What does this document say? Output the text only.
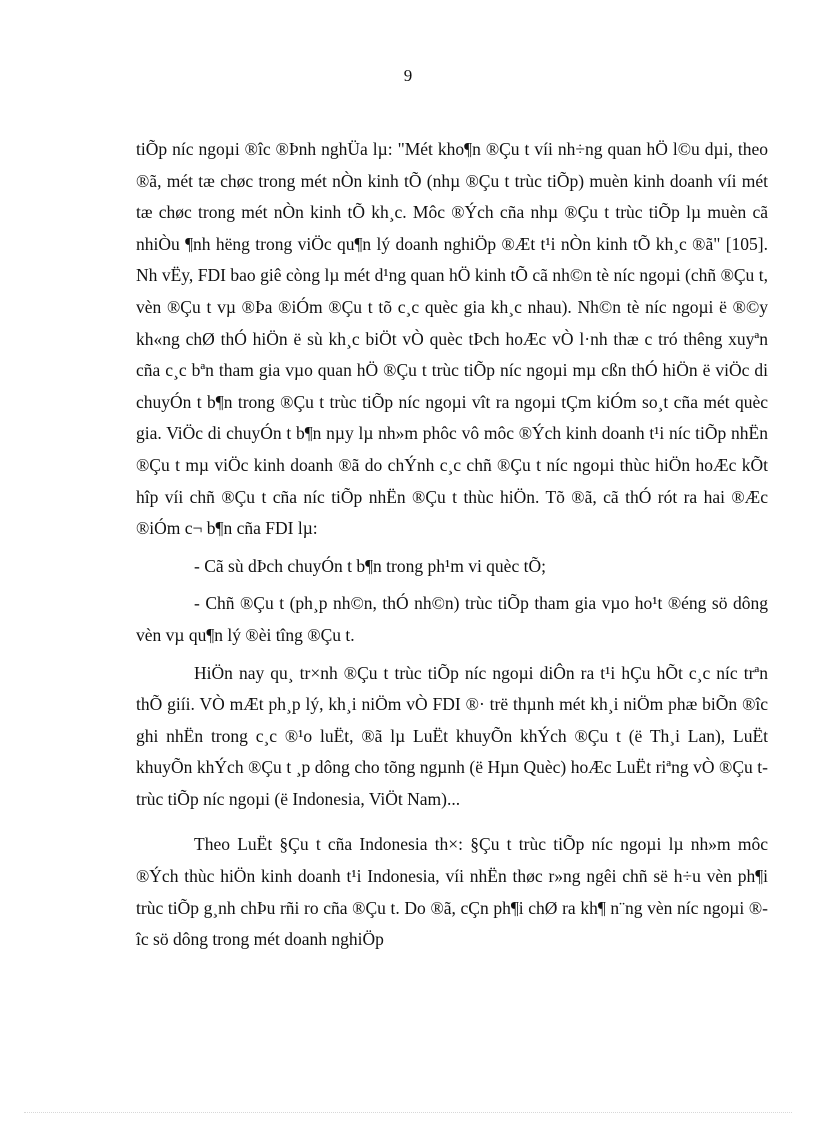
9

tiÕp níc ngoµi ®îc ®Þnh nghÜa lµ: "Mét kho¶n ®Çu t víi nh÷ng quan hÖ l©u dµi, theo ®ã, mét tæ chøc trong mét nÒn kinh tÕ (nhµ ®Çu t trùc tiÕp) muèn kinh doanh víi mét tæ chøc trong mét nÒn kinh tÕ kh¸c. Môc ®Ých cña nhµ ®Çu t trùc tiÕp lµ muèn cã nhiÒu ¶nh hëng trong viÖc qu¶n lý doanh nghiÖp ®Æt t¹i nÒn kinh tÕ kh¸c ®ã" [105]. Nh vËy, FDI bao giê còng lµ mét d¹ng quan hÖ kinh tÕ cã nh©n tè níc ngoµi (chñ ®Çu t, vèn ®Çu t vµ ®Þa ®iÓm ®Çu t tõ c¸c quèc gia kh¸c nhau). Nh©n tè níc ngoµi ë ®©y kh«ng chØ thÓ hiÖn ë sù kh¸c biÖt vÒ quèc tÞch hoÆc vÒ l·nh thæ c tró thêng xuyªn cña c¸c bªn tham gia vµo quan hÖ ®Çu t trùc tiÕp níc ngoµi mµ cßn thÓ hiÖn ë viÖc di chuyÓn t b¶n trong ®Çu t trùc tiÕp níc ngoµi vît ra ngoµi tÇm kiÓm so¸t cña mét quèc gia. ViÖc di chuyÓn t b¶n nµy lµ nh»m phôc vô môc ®Ých kinh doanh t¹i níc tiÕp nhËn ®Çu t mµ viÖc kinh doanh ®ã do chÝnh c¸c chñ ®Çu t níc ngoµi thùc hiÖn hoÆc kÕt hîp víi chñ ®Çu t cña níc tiÕp nhËn ®Çu t thùc hiÖn. Tõ ®ã, cã thÓ rót ra hai ®Æc ®iÓm c¬ b¶n cña FDI lµ:

- Cã sù dÞch chuyÓn t b¶n trong ph¹m vi quèc tÕ;

- Chñ ®Çu t (ph¸p nh©n, thÓ nh©n) trùc tiÕp tham gia vµo ho¹t ®éng sö dông vèn vµ qu¶n lý ®èi tîng ®Çu t.

HiÖn nay qu¸ tr×nh ®Çu t trùc tiÕp níc ngoµi diÔn ra t¹i hÇu hÕt c¸c níc trªn thÕ giíi. VÒ mÆt ph¸p lý, kh¸i niÖm vÒ FDI ®· trë thµnh mét kh¸i niÖm phæ biÕn ®îc ghi nhËn trong c¸c ®¹o luËt, ®ã lµ LuËt khuyÕn khÝch ®Çu t (ë Th¸i Lan), LuËt khuyÕn khÝch ®Çu t ¸p dông cho tõng ngµnh (ë Hµn Quèc) hoÆc LuËt riªng vÒ ®Çu t trùc tiÕp níc ngoµi (ë Indonesia, ViÖt Nam)...

Theo LuËt §Çu t cña Indonesia th×: §Çu t trùc tiÕp níc ngoµi lµ nh»m môc ®Ých thùc hiÖn kinh doanh t¹i Indonesia, víi nhËn thøc r»ng ngêi chñ së h÷u vèn ph¶i trùc tiÕp g¸nh chÞu rñi ro cña ®Çu t. Do ®ã, cÇn ph¶i chØ ra kh¶ n¨ng vèn níc ngoµi ®îc sö dông trong mét doanh nghiÖp
